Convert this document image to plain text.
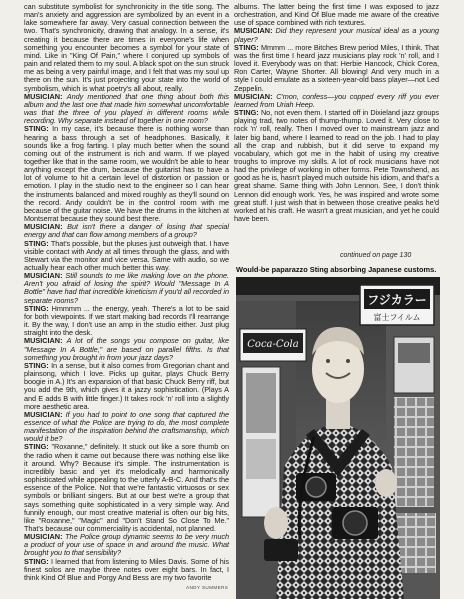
can substitute symbolist for synchronicity in the title song. The man's anxiety and aggression are symbolized by an event in a lake somewhere far away. Very casual connection between the two. That's synchronicity, drawing that analogy. In a sense, it's creating it because there are times in everyone's life when something you encounter becomes a symbol for your state of mind. Like in "King Of Pain," where I conjured up symbols of pain and related them to my soul. A black spot on the sun struck me as being a very painful image, and I felt that was my soul up there on the sun. It's just projecting your state into the world of symbolism, which is what poetry's all about, really.

MUSICIAN: Andy mentioned that one thing about both this album and the last one that made him somewhat uncomfortable was that the three of you played in different rooms while recording. Why separate instead of together in one room?

STING: In my case, it's because there is nothing worse than hearing a bass through a set of headphones. Basically, it sounds like a frog farting. I play much better when the sound coming out of the instrument is rich and warm. If we played together like that in the same room, we wouldn't be able to hear anything except the drum, because the guitarist has to have a lot of volume to hit a certain level of distortion or passion or emotion. I play in the studio next to the engineer so I can hear the instruments balanced and mixed roughly as they'll sound on the record. Andy couldn't be in the control room with me because of the guitar noise. We have the drums in the kitchen at Montserrat because they sound best there.

MUSICIAN: But isn't there a danger of losing that special energy and that can flow among members of a group?

STING: That's possible, but the pluses just outweigh that. I have visible contact with Andy at all times through the glass, and with Stewart via the monitor and vice versa. Same with audio, so we actually hear each other much better this way.

MUSICIAN: Still sounds to me like making love on the phone. Aren't you afraid of losing the spirit? Would "Message In A Bottle" have had that incredible kineticism if you'd all recorded in separate rooms?

STING: Hmmmm ... the energy, yeah. There's a lot to be said for both viewpoints. If we start making bad records I'll rearrange it. By the way, I don't use an amp in the studio either. Just plug straight into the desk.

MUSICIAN: A lot of the songs you compose on guitar, like "Message In A Bottle," are based on parallel fifths. Is that something you brought in from your jazz days?

STING: In a sense, but it also comes from Gregorian chant and plainsong, which I love. Picks up guitar, plays Chuck Berry boogie in A.) It's an expansion of that basic Chuck Berry riff, but you add the 9th, which gives it a jazzy sophistication. (Plays A and E adds B with little finger.) It takes rock 'n' roll into a slightly more aesthetic area.

MUSICIAN: If you had to point to one song that captured the essence of what the Police are trying to do, the most complete manifestation of the inspiration behind the craftsmanship, which would it be?

STING: "Roxanne," definitely. It stuck out like a sore thumb on the radio when it came out because there was nothing else like it around. Why? Because it's simple. The instrumentation is incredibly basic and yet it's melodically and harmonically sophisticated while appealing to the utterly A-B-C. And that's the essence of the Police. Not that we're fantastic virtuosos or sex symbols or brilliant singers. But at our best we're a group that says something quite sophisticated in a very simple way. And funnily enough, our most creative material is often our big hits, like "Roxanne," "Magic" and "Don't Stand So Close To Me." That's because our commerciality is accidental, not planned.

MUSICIAN: The Police group dynamic seems to be very much a product of your use of space in and around the music. What brought you to that sensibility?

STING: I learned that from listening to Miles Davis. Some of his finest solos are maybe three notes over eight bars. In fact, I think Kind Of Blue and Porgy And Bess are my two favorite

albums. The latter being the first time I was exposed to jazz orchestration, and Kind Of Blue made me aware of the creative use of space combined with rich textures.

MUSICIAN: Did they represent your musical ideal as a young player?

STING: Mmmm ... more Bitches Brew period Miles, I think. That was the first time I heard jazz musicians play rock 'n' roll, and I loved it. Everybody was on that: Herbie Hancock, Chick Corea, Ron Carter, Wayne Shorter. All blowing! And very much in a style I could emulate as a sixteen-year-old bass player—not Led Zeppelin.

MUSICIAN: C'mon, confess—you copped every riff you ever learned from Uriah Heep.

STING: No, not even them. I started off in Dixieland jazz groups playing trad, two notes of thump-thump. Loved it. Very close to rock 'n' roll, really. Then I moved over to mainstream jazz and later big band, where I learned to read on the job. I had to play all the crap and rubbish, but it did serve to expand my vocabulary, which got me in the habit of using my creative troughs to improve my skills. A lot of rock musicians have not had the privilege of working in other forms. Pete Townshend, as good as he is, hasn't played much outside his idiom, and that's a great shame. Same thing with John Lennon. See, I don't think Lennon did enough work. Yes, he was inspired and wrote some great stuff. I just wish that in between those creative peaks he'd worked at his craft. He wasn't a great musician, and yet he could have been.

continued on page 130
Would-be paparazzo Sting absorbing Japanese customs.
フジカラー
富士フイルム
Coca-Cola
ANDY SUMMERS
